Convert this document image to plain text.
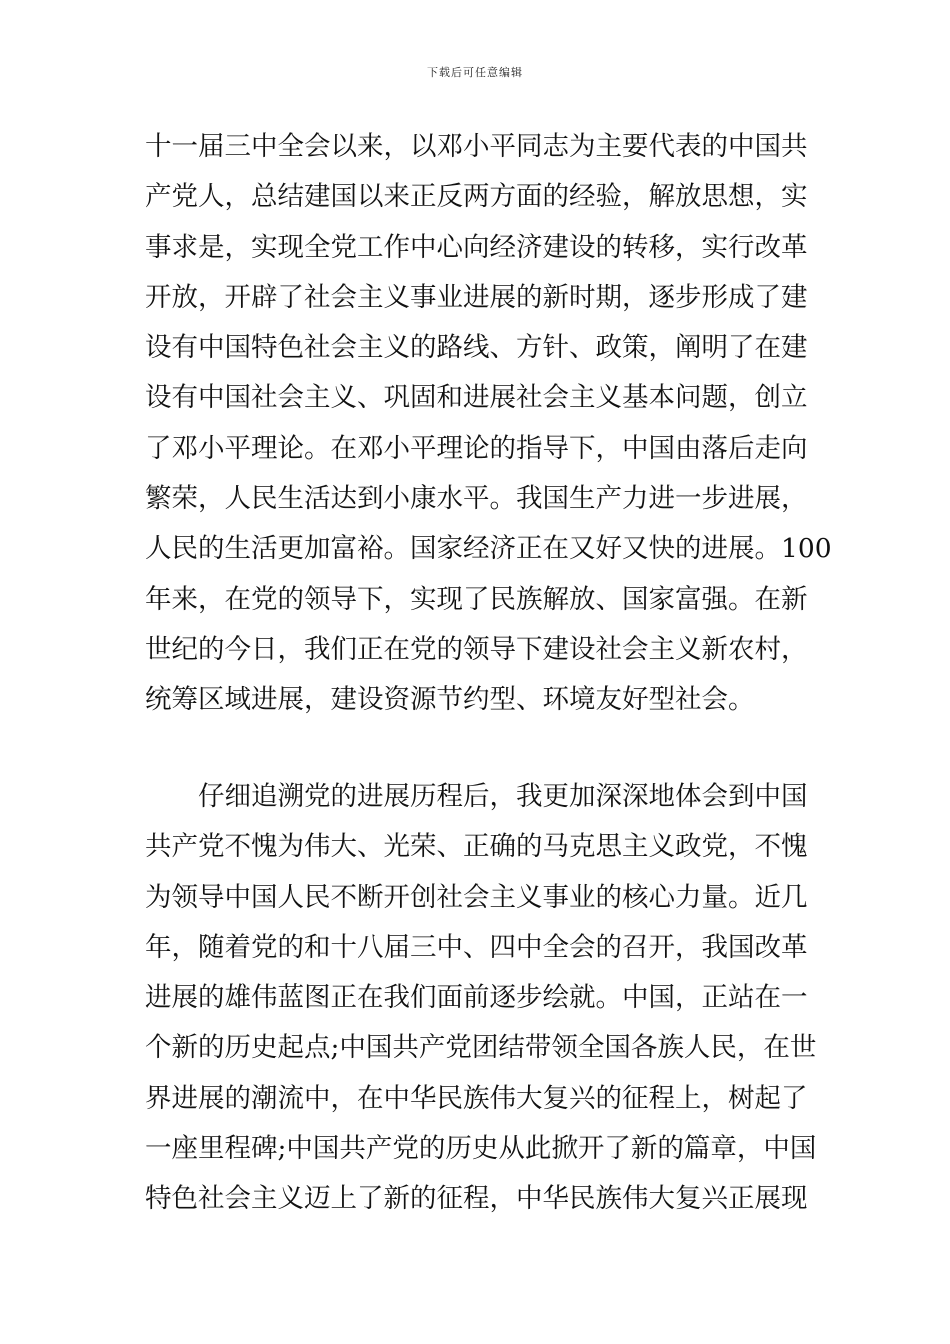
下载后可任意编辑
十一届三中全会以来，以邓小平同志为主要代表的中国共
产党人，总结建国以来正反两方面的经验，解放思想，实
事求是，实现全党工作中心向经济建设的转移，实行改革
开放，开辟了社会主义事业进展的新时期，逐步形成了建
设有中国特色社会主义的路线、方针、政策，阐明了在建
设有中国社会主义、巩固和进展社会主义基本问题，创立
了邓小平理论。在邓小平理论的指导下，中国由落后走向
繁荣，人民生活达到小康水平。我国生产力进一步进展，
人民的生活更加富裕。国家经济正在又好又快的进展。100
年来，在党的领导下，实现了民族解放、国家富强。在新
世纪的今日，我们正在党的领导下建设社会主义新农村，
统筹区域进展，建设资源节约型、环境友好型社会。
仔细追溯党的进展历程后，我更加深深地体会到中国
共产党不愧为伟大、光荣、正确的马克思主义政党，不愧
为领导中国人民不断开创社会主义事业的核心力量。近几
年，随着党的和十八届三中、四中全会的召开，我国改革
进展的雄伟蓝图正在我们面前逐步绘就。中国，正站在一
个新的历史起点;中国共产党团结带领全国各族人民，在世
界进展的潮流中，在中华民族伟大复兴的征程上，树起了
一座里程碑;中国共产党的历史从此掀开了新的篇章，中国
特色社会主义迈上了新的征程，中华民族伟大复兴正展现
